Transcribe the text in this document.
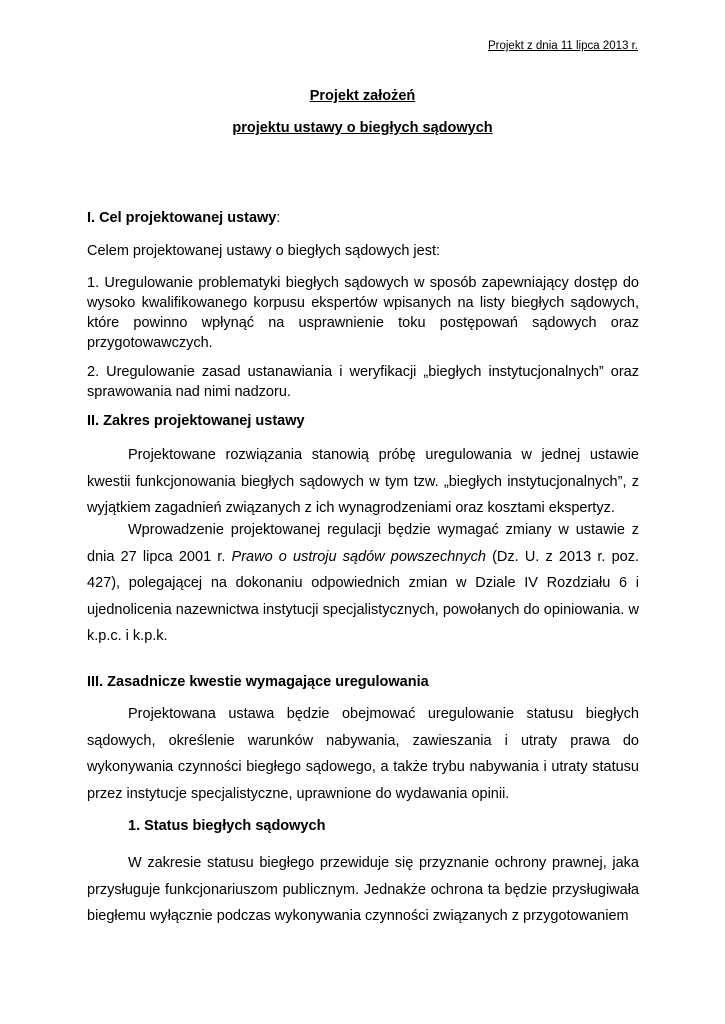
Projekt z dnia 11 lipca 2013 r.
Projekt założeń
projektu ustawy o biegłych sądowych
I. Cel projektowanej ustawy:
Celem projektowanej ustawy o biegłych sądowych jest:
1. Uregulowanie problematyki biegłych sądowych w sposób zapewniający dostęp do wysoko kwalifikowanego korpusu ekspertów wpisanych na listy biegłych sądowych, które powinno wpłynąć na usprawnienie toku postępowań sądowych oraz przygotowawczych.
2. Uregulowanie zasad ustanawiania i weryfikacji „biegłych instytucjonalnych” oraz sprawowania nad nimi nadzoru.
II. Zakres projektowanej ustawy
Projektowane rozwiązania stanowią próbę uregulowania w jednej ustawie kwestii funkcjonowania biegłych sądowych w tym tzw. „biegłych instytucjonalnych”, z wyjątkiem zagadnień związanych z ich wynagrodzeniami oraz kosztami ekspertyz.
Wprowadzenie projektowanej regulacji będzie wymagać zmiany w ustawie z dnia 27 lipca 2001 r. Prawo o ustroju sądów powszechnych (Dz. U. z 2013 r. poz. 427), polegającej na dokonaniu odpowiednich zmian w Dziale IV Rozdziału 6 i ujednolicenia nazewnictwa instytucji specjalistycznych, powołanych do opiniowania. w k.p.c. i k.p.k.
III. Zasadnicze kwestie wymagające uregulowania
Projektowana ustawa będzie obejmować uregulowanie statusu biegłych sądowych, określenie warunków nabywania, zawieszania i utraty prawa do wykonywania czynności biegłego sądowego, a także trybu nabywania i utraty statusu przez instytucje specjalistyczne, uprawnione do wydawania opinii.
1. Status biegłych sądowych
W zakresie statusu biegłego przewiduje się przyznanie ochrony prawnej, jaka przysługuje funkcjonariuszom publicznym. Jednakże ochrona ta będzie przysługiwała biegłemu wyłącznie podczas wykonywania czynności związanych z przygotowaniem
